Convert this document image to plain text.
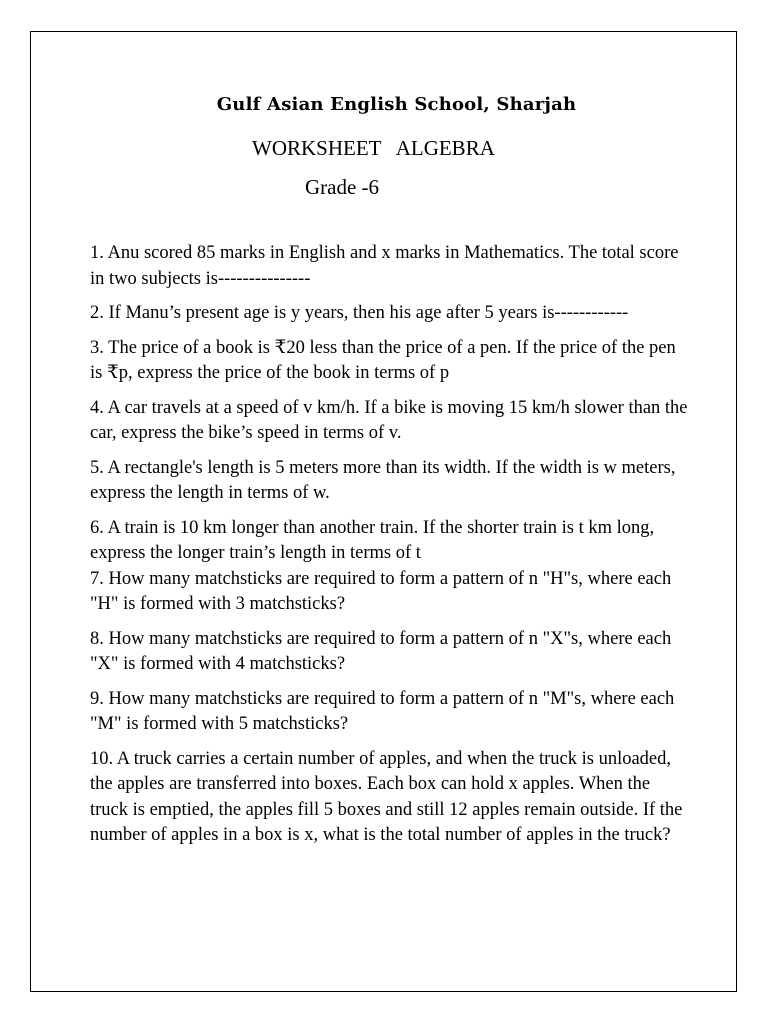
Gulf Asian English School, Sharjah
WORKSHEET   ALGEBRA
Grade -6

1. Anu scored 85 marks in English and x marks in Mathematics. The total score in two subjects is---------------

2. If Manu’s present age is y years, then his age after 5 years is------------

3. The price of a book is ₹20 less than the price of a pen. If the price of the pen is ₹p, express the price of the book in terms of p

4. A car travels at a speed of v km/h. If a bike is moving 15 km/h slower than the car, express the bike’s speed in terms of v.

5. A rectangle's length is 5 meters more than its width. If the width is w meters, express the length in terms of w.

6. A train is 10 km longer than another train. If the shorter train is t km long, express the longer train’s length in terms of t

7. How many matchsticks are required to form a pattern of n "H"s, where each "H" is formed with 3 matchsticks?

8. How many matchsticks are required to form a pattern of n "X"s, where each "X" is formed with 4 matchsticks?

9. How many matchsticks are required to form a pattern of n "M"s, where each "M" is formed with 5 matchsticks?

10. A truck carries a certain number of apples, and when the truck is unloaded, the apples are transferred into boxes. Each box can hold x apples. When the truck is emptied, the apples fill 5 boxes and still 12 apples remain outside. If the number of apples in a box is x, what is the total number of apples in the truck?
